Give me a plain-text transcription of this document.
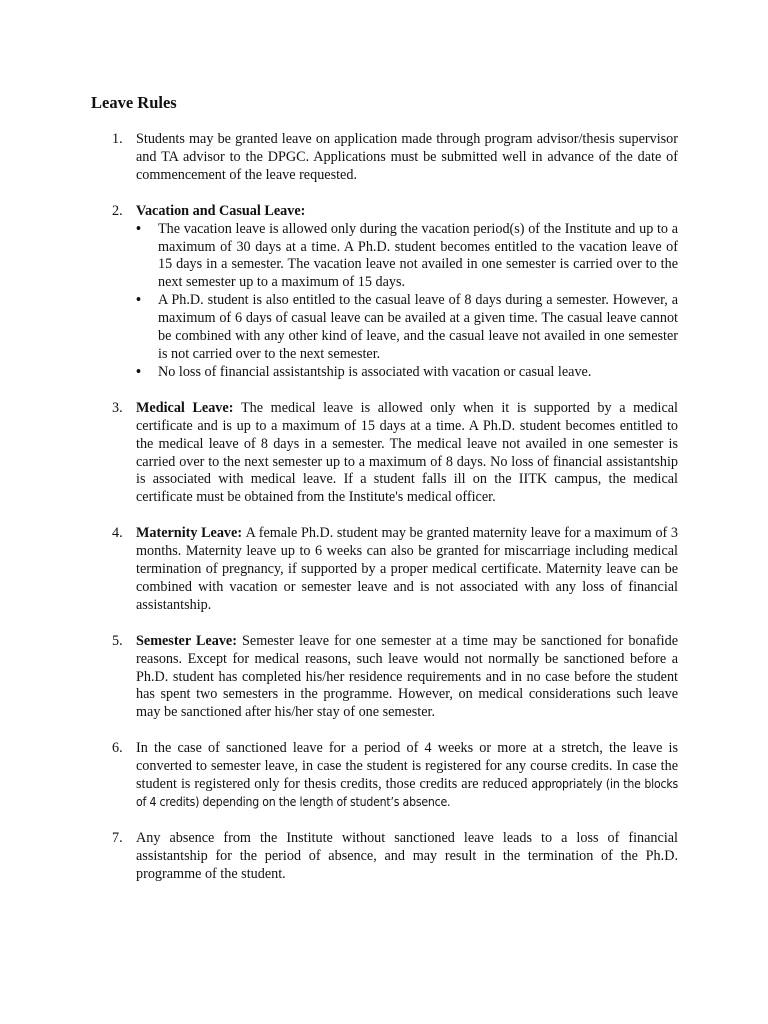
Leave Rules
1. Students may be granted leave on application made through program advisor/thesis supervisor and TA advisor to the DPGC. Applications must be submitted well in advance of the date of commencement of the leave requested.
2. Vacation and Casual Leave:
• The vacation leave is allowed only during the vacation period(s) of the Institute and up to a maximum of 30 days at a time. A Ph.D. student becomes entitled to the vacation leave of 15 days in a semester. The vacation leave not availed in one semester is carried over to the next semester up to a maximum of 15 days.
• A Ph.D. student is also entitled to the casual leave of 8 days during a semester. However, a maximum of 6 days of casual leave can be availed at a given time. The casual leave cannot be combined with any other kind of leave, and the casual leave not availed in one semester is not carried over to the next semester.
• No loss of financial assistantship is associated with vacation or casual leave.
3. Medical Leave: The medical leave is allowed only when it is supported by a medical certificate and is up to a maximum of 15 days at a time. A Ph.D. student becomes entitled to the medical leave of 8 days in a semester. The medical leave not availed in one semester is carried over to the next semester up to a maximum of 8 days. No loss of financial assistantship is associated with medical leave. If a student falls ill on the IITK campus, the medical certificate must be obtained from the Institute's medical officer.
4. Maternity Leave: A female Ph.D. student may be granted maternity leave for a maximum of 3 months. Maternity leave up to 6 weeks can also be granted for miscarriage including medical termination of pregnancy, if supported by a proper medical certificate. Maternity leave can be combined with vacation or semester leave and is not associated with any loss of financial assistantship.
5. Semester Leave: Semester leave for one semester at a time may be sanctioned for bonafide reasons. Except for medical reasons, such leave would not normally be sanctioned before a Ph.D. student has completed his/her residence requirements and in no case before the student has spent two semesters in the programme. However, on medical considerations such leave may be sanctioned after his/her stay of one semester.
6. In the case of sanctioned leave for a period of 4 weeks or more at a stretch, the leave is converted to semester leave, in case the student is registered for any course credits. In case the student is registered only for thesis credits, those credits are reduced appropriately (in the blocks of 4 credits) depending on the length of student’s absence.
7. Any absence from the Institute without sanctioned leave leads to a loss of financial assistantship for the period of absence, and may result in the termination of the Ph.D. programme of the student.
